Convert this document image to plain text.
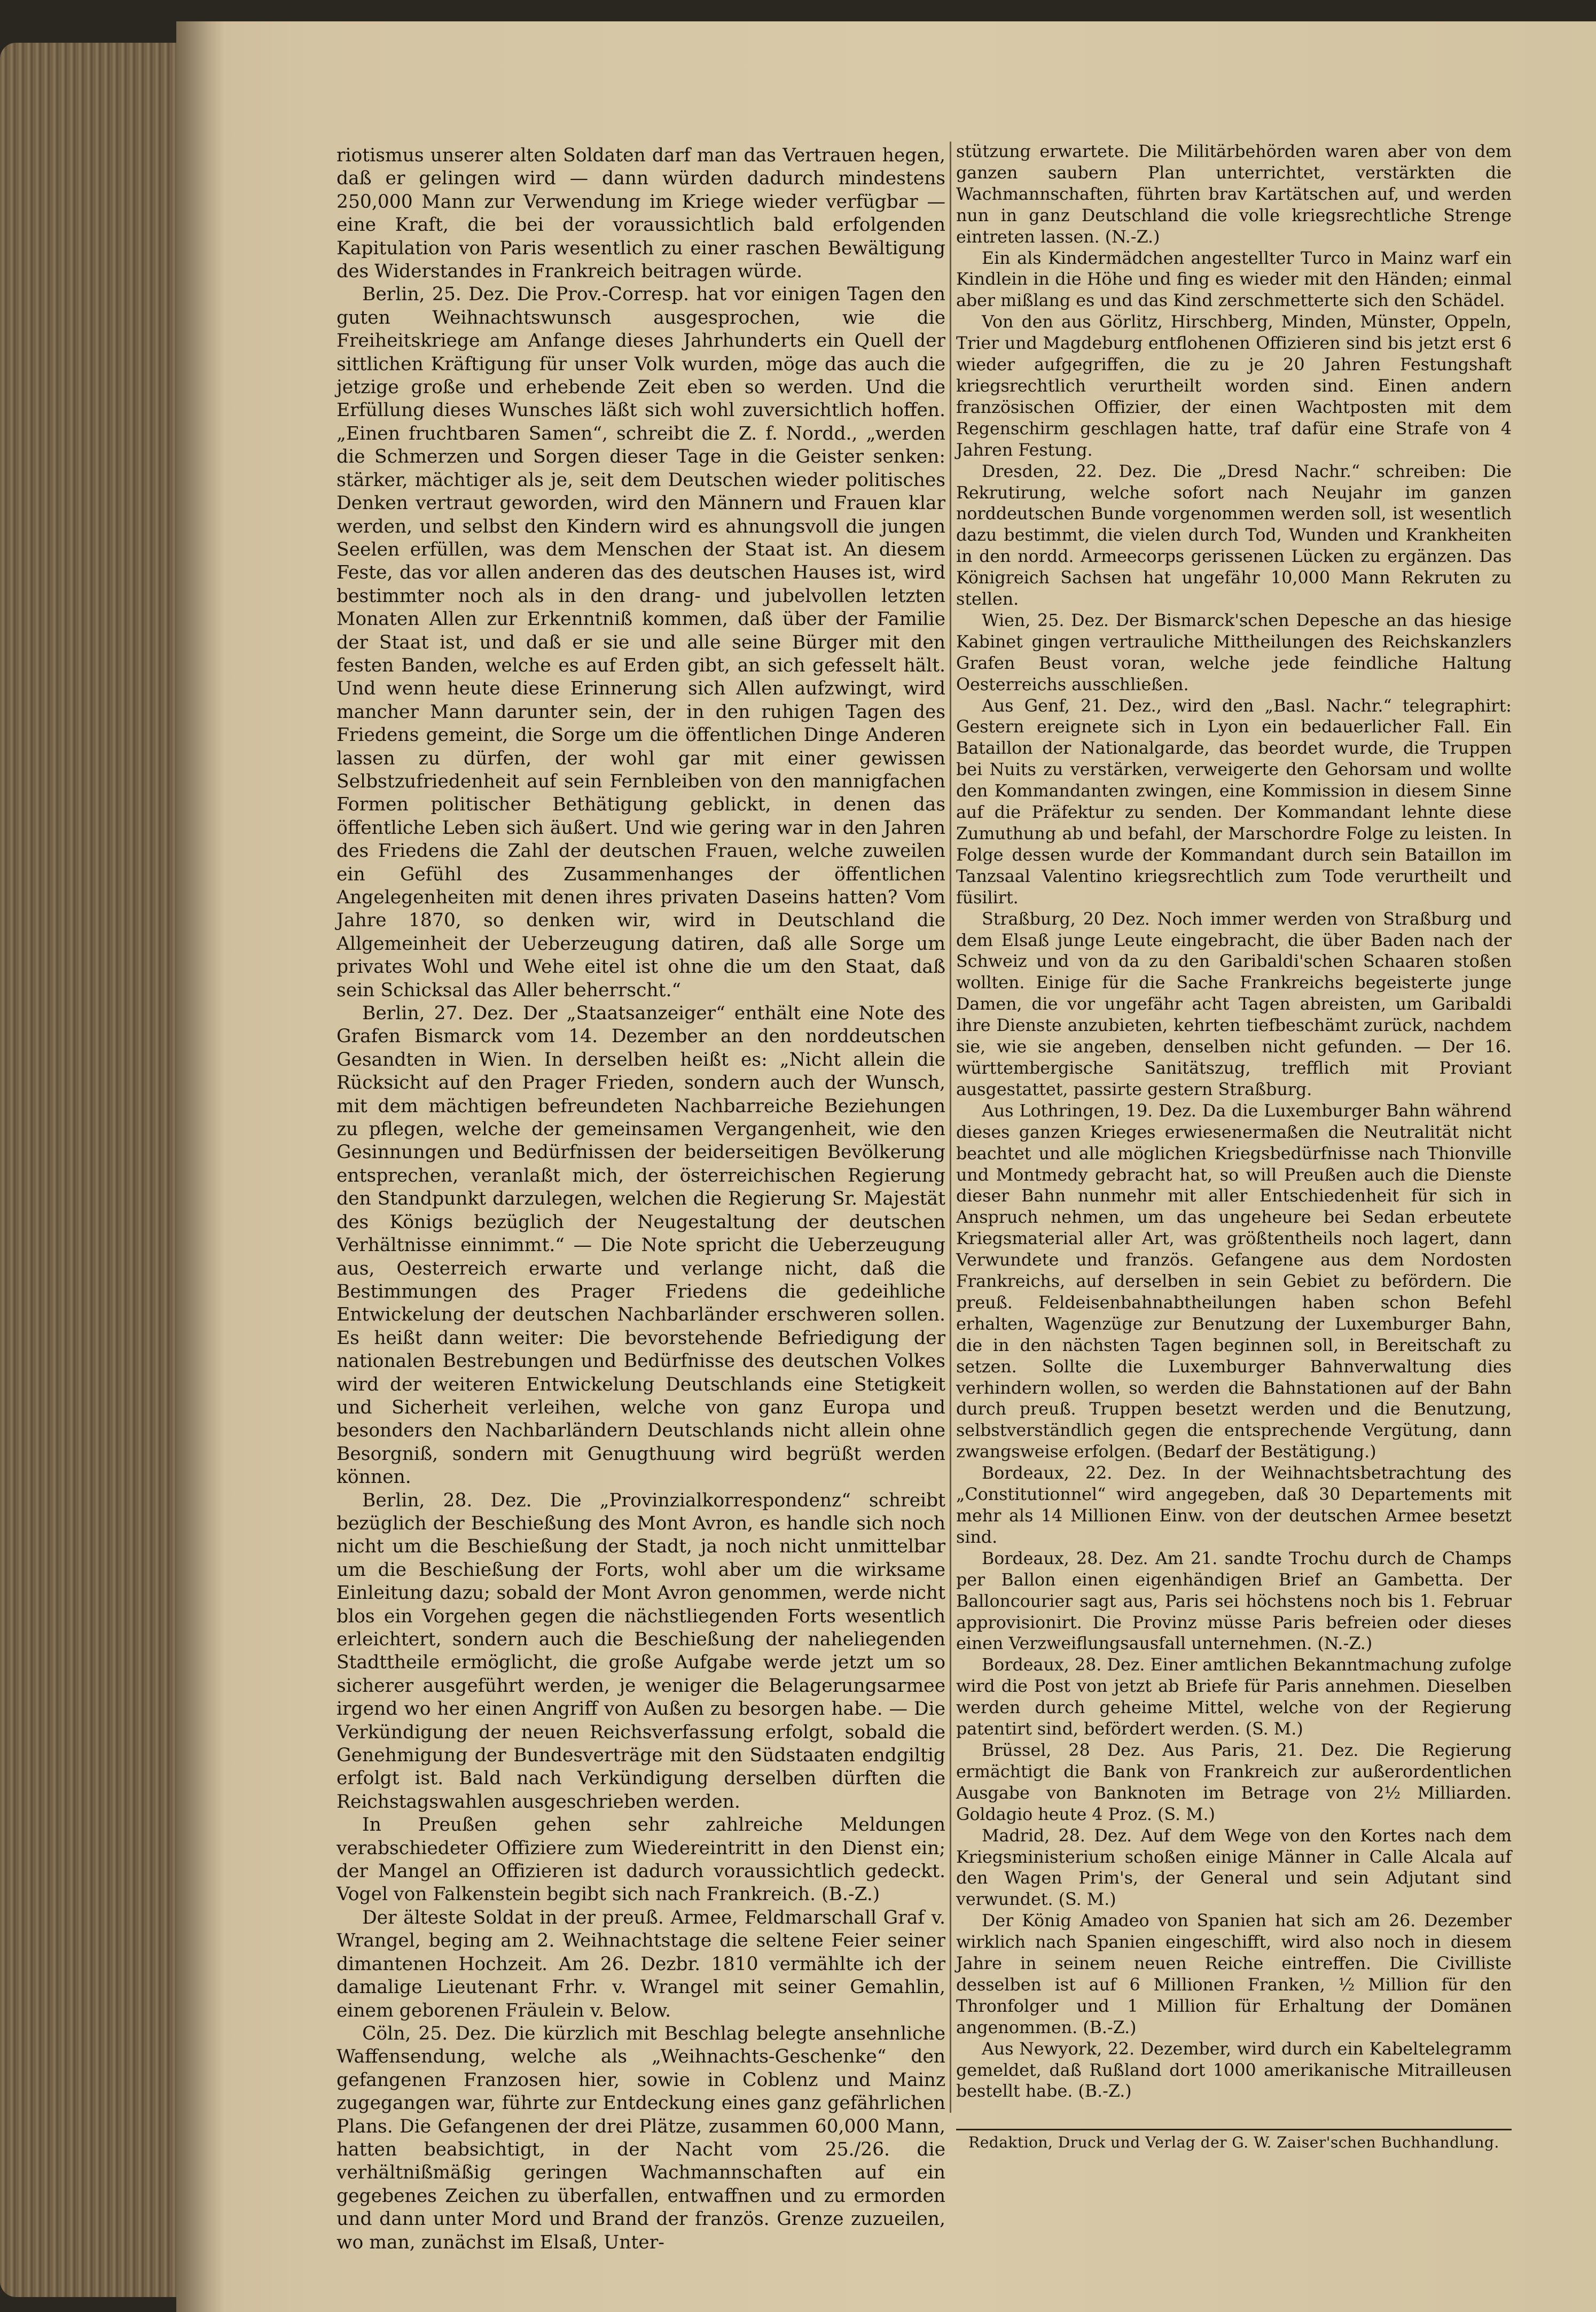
riotismus unserer alten Soldaten darf man das Vertrauen hegen, daß er gelingen wird — dann würden dadurch mindestens 250,000 Mann zur Verwendung im Kriege wieder verfügbar — eine Kraft, die bei der voraussichtlich bald erfolgenden Kapitulation von Paris wesentlich zu einer raschen Bewältigung des Widerstandes in Frankreich beitragen würde.

Berlin, 25. Dez. Die Prov.-Corresp. hat vor einigen Tagen den guten Weihnachtswunsch ausgesprochen, wie die Freiheitskriege am Anfange dieses Jahrhunderts ein Quell der sittlichen Kräftigung für unser Volk wurden, möge das auch die jetzige große und erhebende Zeit eben so werden. Und die Erfüllung dieses Wunsches läßt sich wohl zuversichtlich hoffen. „Einen fruchtbaren Samen“, schreibt die Z. f. Nordd., „werden die Schmerzen und Sorgen dieser Tage in die Geister senken: stärker, mächtiger als je, seit dem Deutschen wieder politisches Denken vertraut geworden, wird den Männern und Frauen klar werden, und selbst den Kindern wird es ahnungsvoll die jungen Seelen erfüllen, was dem Menschen der Staat ist. An diesem Feste, das vor allen anderen das des deutschen Hauses ist, wird bestimmter noch als in den drang- und jubelvollen letzten Monaten Allen zur Erkenntniß kommen, daß über der Familie der Staat ist, und daß er sie und alle seine Bürger mit den festen Banden, welche es auf Erden gibt, an sich gefesselt hält. Und wenn heute diese Erinnerung sich Allen aufzwingt, wird mancher Mann darunter sein, der in den ruhigen Tagen des Friedens gemeint, die Sorge um die öffentlichen Dinge Anderen lassen zu dürfen, der wohl gar mit einer gewissen Selbstzufriedenheit auf sein Fernbleiben von den mannigfachen Formen politischer Bethätigung geblickt, in denen das öffentliche Leben sich äußert. Und wie gering war in den Jahren des Friedens die Zahl der deutschen Frauen, welche zuweilen ein Gefühl des Zusammenhanges der öffentlichen Angelegenheiten mit denen ihres privaten Daseins hatten? Vom Jahre 1870, so denken wir, wird in Deutschland die Allgemeinheit der Ueberzeugung datiren, daß alle Sorge um privates Wohl und Wehe eitel ist ohne die um den Staat, daß sein Schicksal das Aller beherrscht.“

Berlin, 27. Dez. Der „Staatsanzeiger“ enthält eine Note des Grafen Bismarck vom 14. Dezember an den norddeutschen Gesandten in Wien. In derselben heißt es: „Nicht allein die Rücksicht auf den Prager Frieden, sondern auch der Wunsch, mit dem mächtigen befreundeten Nachbarreiche Beziehungen zu pflegen, welche der gemeinsamen Vergangenheit, wie den Gesinnungen und Bedürfnissen der beiderseitigen Bevölkerung entsprechen, veranlaßt mich, der österreichischen Regierung den Standpunkt darzulegen, welchen die Regierung Sr. Majestät des Königs bezüglich der Neugestaltung der deutschen Verhältnisse einnimmt.“ — Die Note spricht die Ueberzeugung aus, Oesterreich erwarte und verlange nicht, daß die Bestimmungen des Prager Friedens die gedeihliche Entwickelung der deutschen Nachbarländer erschweren sollen. Es heißt dann weiter: Die bevorstehende Befriedigung der nationalen Bestrebungen und Bedürfnisse des deutschen Volkes wird der weiteren Entwickelung Deutschlands eine Stetigkeit und Sicherheit verleihen, welche von ganz Europa und besonders den Nachbarländern Deutschlands nicht allein ohne Besorgniß, sondern mit Genugthuung wird begrüßt werden können.

Berlin, 28. Dez. Die „Provinzialkorrespondenz“ schreibt bezüglich der Beschießung des Mont Avron, es handle sich noch nicht um die Beschießung der Stadt, ja noch nicht unmittelbar um die Beschießung der Forts, wohl aber um die wirksame Einleitung dazu; sobald der Mont Avron genommen, werde nicht blos ein Vorgehen gegen die nächstliegenden Forts wesentlich erleichtert, sondern auch die Beschießung der naheliegenden Stadttheile ermöglicht, die große Aufgabe werde jetzt um so sicherer ausgeführt werden, je weniger die Belagerungsarmee irgend wo her einen Angriff von Außen zu besorgen habe. — Die Verkündigung der neuen Reichsverfassung erfolgt, sobald die Genehmigung der Bundesverträge mit den Südstaaten endgiltig erfolgt ist. Bald nach Verkündigung derselben dürften die Reichstagswahlen ausgeschrieben werden.

In Preußen gehen sehr zahlreiche Meldungen verabschiedeter Offiziere zum Wiedereintritt in den Dienst ein; der Mangel an Offizieren ist dadurch voraussichtlich gedeckt. Vogel von Falkenstein begibt sich nach Frankreich. (B.-Z.)

Der älteste Soldat in der preuß. Armee, Feldmarschall Graf v. Wrangel, beging am 2. Weihnachtstage die seltene Feier seiner dimantenen Hochzeit. Am 26. Dezbr. 1810 vermählte ich der damalige Lieutenant Frhr. v. Wrangel mit seiner Gemahlin, einem geborenen Fräulein v. Below.

Cöln, 25. Dez. Die kürzlich mit Beschlag belegte ansehnliche Waffensendung, welche als „Weihnachts-Geschenke“ den gefangenen Franzosen hier, sowie in Coblenz und Mainz zugegangen war, führte zur Entdeckung eines ganz gefährlichen Plans. Die Gefangenen der drei Plätze, zusammen 60,000 Mann, hatten beabsichtigt, in der Nacht vom 25./26. die verhältnißmäßig geringen Wachmannschaften auf ein gegebenes Zeichen zu überfallen, entwaffnen und zu ermorden und dann unter Mord und Brand der französ. Grenze zuzueilen, wo man, zunächst im Elsaß, Unter-

stützung erwartete. Die Militärbehörden waren aber von dem ganzen saubern Plan unterrichtet, verstärkten die Wachmannschaften, führten brav Kartätschen auf, und werden nun in ganz Deutschland die volle kriegsrechtliche Strenge eintreten lassen. (N.-Z.)

Ein als Kindermädchen angestellter Turco in Mainz warf ein Kindlein in die Höhe und fing es wieder mit den Händen; einmal aber mißlang es und das Kind zerschmetterte sich den Schädel.

Von den aus Görlitz, Hirschberg, Minden, Münster, Oppeln, Trier und Magdeburg entflohenen Offizieren sind bis jetzt erst 6 wieder aufgegriffen, die zu je 20 Jahren Festungshaft kriegsrechtlich verurtheilt worden sind. Einen andern französischen Offizier, der einen Wachtposten mit dem Regenschirm geschlagen hatte, traf dafür eine Strafe von 4 Jahren Festung.

Dresden, 22. Dez. Die „Dresd Nachr.“ schreiben: Die Rekrutirung, welche sofort nach Neujahr im ganzen norddeutschen Bunde vorgenommen werden soll, ist wesentlich dazu bestimmt, die vielen durch Tod, Wunden und Krankheiten in den nordd. Armeecorps gerissenen Lücken zu ergänzen. Das Königreich Sachsen hat ungefähr 10,000 Mann Rekruten zu stellen.

Wien, 25. Dez. Der Bismarck'schen Depesche an das hiesige Kabinet gingen vertrauliche Mittheilungen des Reichskanzlers Grafen Beust voran, welche jede feindliche Haltung Oesterreichs ausschließen.

Aus Genf, 21. Dez., wird den „Basl. Nachr.“ telegraphirt: Gestern ereignete sich in Lyon ein bedauerlicher Fall. Ein Bataillon der Nationalgarde, das beordet wurde, die Truppen bei Nuits zu verstärken, verweigerte den Gehorsam und wollte den Kommandanten zwingen, eine Kommission in diesem Sinne auf die Präfektur zu senden. Der Kommandant lehnte diese Zumuthung ab und befahl, der Marschordre Folge zu leisten. In Folge dessen wurde der Kommandant durch sein Bataillon im Tanzsaal Valentino kriegsrechtlich zum Tode verurtheilt und füsilirt.

Straßburg, 20 Dez. Noch immer werden von Straßburg und dem Elsaß junge Leute eingebracht, die über Baden nach der Schweiz und von da zu den Garibaldi'schen Schaaren stoßen wollten. Einige für die Sache Frankreichs begeisterte junge Damen, die vor ungefähr acht Tagen abreisten, um Garibaldi ihre Dienste anzubieten, kehrten tiefbeschämt zurück, nachdem sie, wie sie angeben, denselben nicht gefunden. — Der 16. württembergische Sanitätszug, trefflich mit Proviant ausgestattet, passirte gestern Straßburg.

Aus Lothringen, 19. Dez. Da die Luxemburger Bahn während dieses ganzen Krieges erwiesenermaßen die Neutralität nicht beachtet und alle möglichen Kriegsbedürfnisse nach Thionville und Montmedy gebracht hat, so will Preußen auch die Dienste dieser Bahn nunmehr mit aller Entschiedenheit für sich in Anspruch nehmen, um das ungeheure bei Sedan erbeutete Kriegsmaterial aller Art, was größtentheils noch lagert, dann Verwundete und französ. Gefangene aus dem Nordosten Frankreichs, auf derselben in sein Gebiet zu befördern. Die preuß. Feldeisenbahnabtheilungen haben schon Befehl erhalten, Wagenzüge zur Benutzung der Luxemburger Bahn, die in den nächsten Tagen beginnen soll, in Bereitschaft zu setzen. Sollte die Luxemburger Bahnverwaltung dies verhindern wollen, so werden die Bahnstationen auf der Bahn durch preuß. Truppen besetzt werden und die Benutzung, selbstverständlich gegen die entsprechende Vergütung, dann zwangsweise erfolgen. (Bedarf der Bestätigung.)

Bordeaux, 22. Dez. In der Weihnachtsbetrachtung des „Constitutionnel“ wird angegeben, daß 30 Departements mit mehr als 14 Millionen Einw. von der deutschen Armee besetzt sind.

Bordeaux, 28. Dez. Am 21. sandte Trochu durch de Champs per Ballon einen eigenhändigen Brief an Gambetta. Der Balloncourier sagt aus, Paris sei höchstens noch bis 1. Februar approvisionirt. Die Provinz müsse Paris befreien oder dieses einen Verzweiflungsausfall unternehmen. (N.-Z.)

Bordeaux, 28. Dez. Einer amtlichen Bekanntmachung zufolge wird die Post von jetzt ab Briefe für Paris annehmen. Dieselben werden durch geheime Mittel, welche von der Regierung patentirt sind, befördert werden. (S. M.)

Brüssel, 28 Dez. Aus Paris, 21. Dez. Die Regierung ermächtigt die Bank von Frankreich zur außerordentlichen Ausgabe von Banknoten im Betrage von 2½ Milliarden. Goldagio heute 4 Proz. (S. M.)

Madrid, 28. Dez. Auf dem Wege von den Kortes nach dem Kriegsministerium schoßen einige Männer in Calle Alcala auf den Wagen Prim's, der General und sein Adjutant sind verwundet. (S. M.)

Der König Amadeo von Spanien hat sich am 26. Dezember wirklich nach Spanien eingeschifft, wird also noch in diesem Jahre in seinem neuen Reiche eintreffen. Die Civilliste desselben ist auf 6 Millionen Franken, ½ Million für den Thronfolger und 1 Million für Erhaltung der Domänen angenommen. (B.-Z.)

Aus Newyork, 22. Dezember, wird durch ein Kabeltelegramm gemeldet, daß Rußland dort 1000 amerikanische Mitrailleusen bestellt habe. (B.-Z.)

Redaktion, Druck und Verlag der G. W. Zaiser'schen Buchhandlung.
